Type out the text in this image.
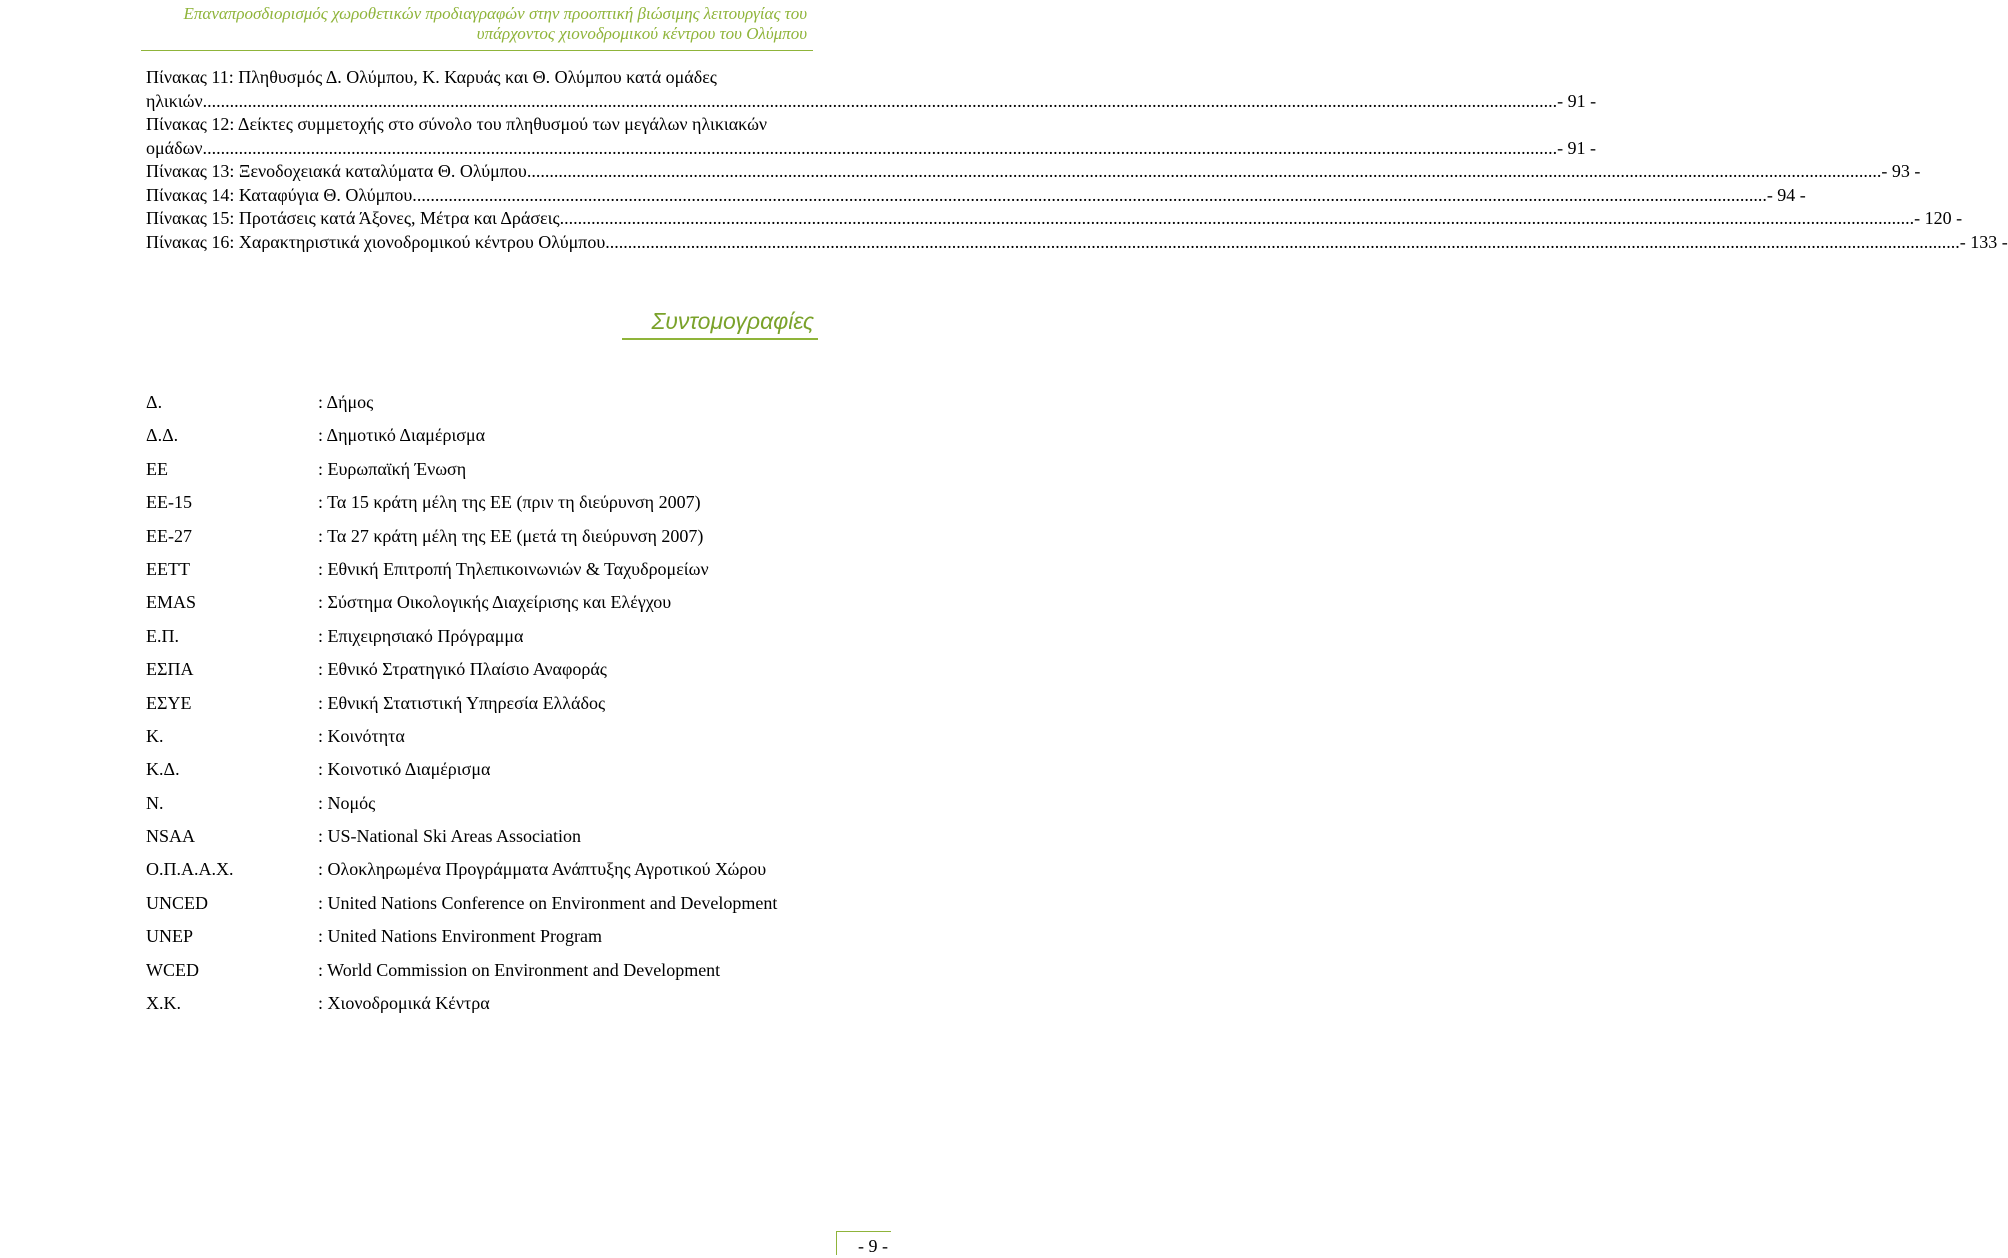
Επαναπροσδιορισμός χωροθετικών προδιαγραφών στην προοπτική βιώσιμης λειτουργίας του
υπάρχοντος χιονοδρομικού κέντρου του Ολύμπου
Πίνακας 11: Πληθυσμός Δ. Ολύμπου, Κ. Καρυάς και Θ. Ολύμπου κατά ομάδες
ηλικιών. ............................................................................................................................................................................................................................................................................................................ - 91 -
Πίνακας 12: Δείκτες συμμετοχής στο σύνολο του πληθυσμού των μεγάλων ηλικιακών
ομάδων. ............................................................................................................................................................................................................................................................................................................ - 91 -
Πίνακας 13: Ξενοδοχειακά καταλύματα Θ. Ολύμπου. ............................................................................................................................................................................................................................................................................................................ - 93 -
Πίνακας 14: Καταφύγια Θ. Ολύμπου. ............................................................................................................................................................................................................................................................................................................ - 94 -
Πίνακας 15: Προτάσεις κατά Άξονες, Μέτρα και Δράσεις. ............................................................................................................................................................................................................................................................................................................ - 120 -
Πίνακας 16: Χαρακτηριστικά χιονοδρομικού κέντρου Ολύμπου. ............................................................................................................................................................................................................................................................................................................ - 133 -
Συντομογραφίες
Δ.	: Δήμος
Δ.Δ.	: Δημοτικό Διαμέρισμα
ΕΕ	: Ευρωπαϊκή Ένωση
ΕΕ-15	: Τα 15 κράτη μέλη της ΕΕ (πριν τη διεύρυνση 2007)
ΕΕ-27	: Τα 27 κράτη μέλη της ΕΕ (μετά τη διεύρυνση 2007)
ΕΕΤΤ	: Εθνική Επιτροπή Τηλεπικοινωνιών & Ταχυδρομείων
EMAS	: Σύστημα Οικολογικής Διαχείρισης και Ελέγχου
Ε.Π.	: Επιχειρησιακό Πρόγραμμα
ΕΣΠΑ	: Εθνικό Στρατηγικό Πλαίσιο Αναφοράς
ΕΣΥΕ	: Εθνική Στατιστική Υπηρεσία Ελλάδος
Κ.	: Κοινότητα
Κ.Δ.	: Κοινοτικό Διαμέρισμα
Ν.	: Νομός
NSAA	: US-National Ski Areas Association
Ο.Π.Α.Α.Χ.	: Ολοκληρωμένα Προγράμματα Ανάπτυξης Αγροτικού Χώρου
UNCED	: United Nations Conference on Environment and Development
UNEP	: United Nations Environment Program
WCED	: World Commission on Environment and Development
Χ.Κ.	: Χιονοδρομικά Κέντρα
- 9 -
